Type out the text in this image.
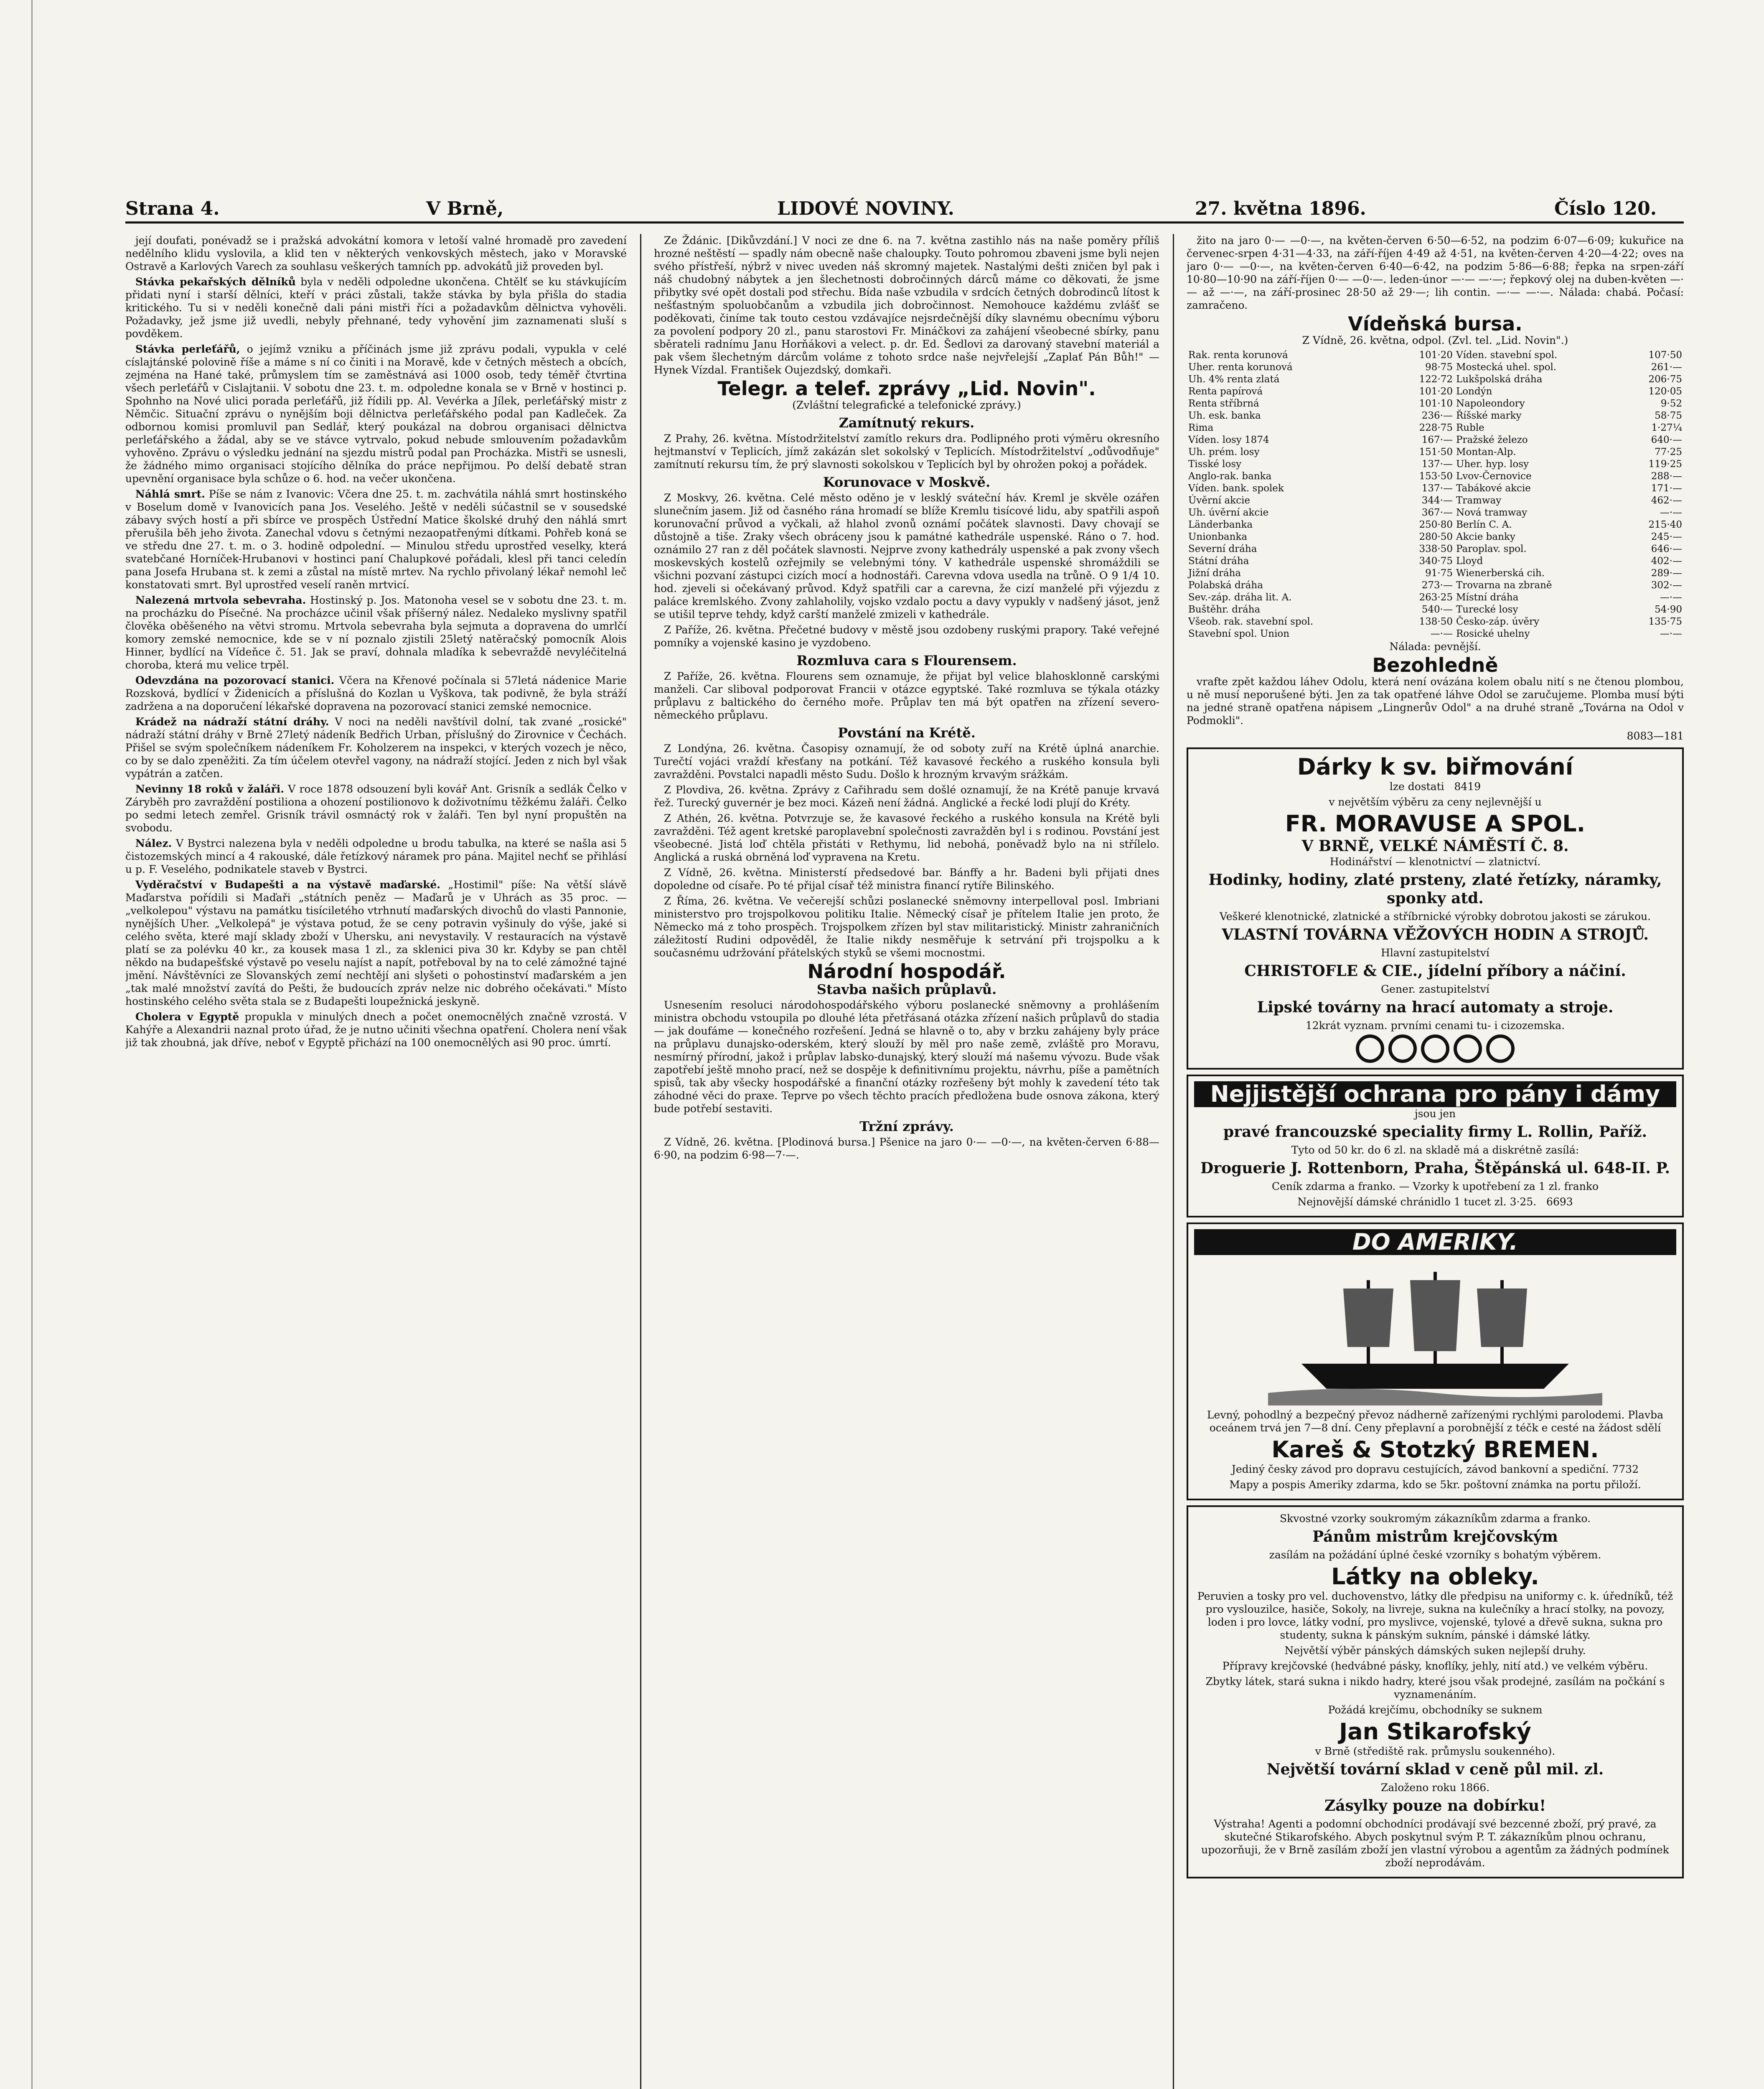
Strana 4.	V Brně,	LIDOVÉ NOVINY.	27. května 1896.	Číslo 120.

její doufati, ponévadž se i pražská advokátní komora v letoší valné hromadě pro zavedení nedělního klidu vyslovila, a klid ten v některých venkovských městech, jako v Moravské Ostravě a Karlových Varech za souhlasu veškerých tamních pp. advokátů již proveden byl.

Stávka pekařských dělníků byla v neděli odpoledne ukončena. Chtělť se ku stávkujícím přidati nyní i starší dělníci, kteří v práci zůstali, takže stávka by byla přišla do stadia kritického. Tu si v neděli konečně dali páni mistři říci a požadavkům dělnictva vyhověli. Požadavky, jež jsme již uvedli, nebyly přehnané, tedy vyhovění jim zaznamenati sluší s povděkem.

Stávka perleťářů, o jejímž vzniku a příčinách jsme již zprávu podali, vypukla v celé císlajtánské polovině říše a máme s ní co činiti i na Moravě, kde v četných městech a obcích, zejména na Hané také, průmyslem tím se zaměstnává asi 1000 osob, tedy téměř čtvrtina všech perleťářů v Cislajtanii. V sobotu dne 23. t. m. odpoledne konala se v Brně v hostinci p. Spohnho na Nové ulici porada perleťářů, již řídili pp. Al. Vevérka a Jílek, perleťářský mistr z Němčic. Situační zprávu o nynějším boji dělnictva perleťářského podal pan Kadleček. Za odbornou komisi promluvil pan Sedlář, který poukázal na dobrou organisaci dělnictva perleťářského a žádal, aby se ve stávce vytrvalo, pokud nebude smlouvením požadavkům vyhověno. Zprávu o výsledku jednání na sjezdu mistrů podal pan Procházka. Mistři se usnesli, že žádného mimo organisaci stojícího dělníka do práce nepřijmou. Po delší debatě stran upevnění organisace byla schůze o 6. hod. na večer ukončena.

Náhlá smrt. Píše se nám z Ivanovic: Včera dne 25. t. m. zachvátila náhlá smrt hostinského v Boselum domě v Ivanovicích pana Jos. Veselého. Ještě v neděli súčastnil se v sousedské zábavy svých hostí a při sbírce ve prospěch Ústřední Matice školské druhý den náhlá smrt přerušila běh jeho života. Zanechal vdovu s četnými nezaopatřenými dítkami. Pohřeb koná se ve středu dne 27. t. m. o 3. hodině odpolední. — Minulou středu uprostřed veselky, která svatebčané Horníček-Hrubanovi v hostinci paní Chalupkové pořádali, klesl při tanci celedín pana Josefa Hrubana st. k zemi a zůstal na místě mrtev. Na rychlo přivolaný lékař nemohl leč konstatovati smrt. Byl uprostřed veselí raněn mrtvicí.

Nalezená mrtvola sebevraha. Hostinský p. Jos. Matonoha vesel se v sobotu dne 23. t. m. na procházku do Písečné. Na procházce učinil však příšerný nález. Nedaleko myslivny spatřil člověka oběšeného na větvi stromu. Mrtvola sebevraha byla sejmuta a dopravena do umrlčí komory zemské nemocnice, kde se v ní poznalo zjistili 25letý natěračský pomocník Alois Hinner, bydlící na Vídeňce č. 51. Jak se praví, dohnala mladíka k sebevraždě nevyléčitelná choroba, která mu velice trpěl.

Odevzdána na pozorovací stanici. Včera na Křenové počínala si 57letá nádenice Marie Rozsková, bydlící v Židenicích a příslušná do Kozlan u Vyškova, tak podivně, že byla stráží zadržena a na doporučení lékařské dopravena na pozorovací stanici zemské nemocnice.

Krádež na nádraží státní dráhy. V noci na neděli navštívil dolní, tak zvané „rosické" nádraží státní dráhy v Brně 27letý nádeník Bedřich Urban, příslušný do Zirovnice v Čechách. Přišel se svým společníkem nádeníkem Fr. Koholzerem na inspekci, v kterých vozech je něco, co by se dalo zpeněžiti. Za tím účelem otevřel vagony, na nádraží stojící. Jeden z nich byl však vypátrán a zatčen.

Nevinny 18 roků v žaláři. V roce 1878 odsouzení byli kovář Ant. Grisník a sedlák Čelko v Záryběh pro zavraždění postiliona a ohození postilionovo k doživotnímu těžkému žaláři. Čelko po sedmi letech zemřel. Grisník trávil osmnáctý rok v žaláři. Ten byl nyní propuštěn na svobodu.

Nález. V Bystrci nalezena byla v neděli odpoledne u brodu tabulka, na které se našla asi 5 čistozemských mincí a 4 rakouské, dále řetízkový náramek pro pána. Majitel nechť se přihlásí u p. F. Veselého, podnikatele staveb v Bystrci.

Vyděračství v Budapešti a na výstavě maďarské. „Hostimil" píše: Na větší slávě Maďarstva pořídili si Maďaři „státních peněz — Maďarů je v Uhrách as 35 proc. — „velkolepou" výstavu na památku tisíciletého vtrhnutí maďarských divochů do vlasti Pannonie, nynějších Uher. „Velkolepá" je výstava potud, že se ceny potravin vyšinuly do výše, jaké si celého světa, které mají sklady zboží v Uhersku, ani nevystavily. V restauracích na výstavě platí se za polévku 40 kr., za kousek masa 1 zl., za sklenici piva 30 kr. Kdyby se pan chtěl někdo na budapešťské výstavě po veselu najíst a napít, potřeboval by na to celé zámožné tajné jmění. Návštěvníci ze Slovanských zemí nechtějí ani slyšeti o pohostinství maďarském a jen „tak malé množství zavítá do Pešti, že budoucích zpráv nelze nic dobrého očekávati." Místo hostinského celého světa stala se z Budapešti loupežnická jeskyně.

Cholera v Egyptě propukla v minulých dnech a počet onemocnělých značně vzrostá. V Kahýře a Alexandrii naznal proto úřad, že je nutno učiniti všechna opatření. Cholera není však již tak zhoubná, jak dříve, neboť v Egyptě přichází na 100 onemocnělých asi 90 proc. úmrtí.

Ze Ždánic. [Dikůvzdání.] V noci ze dne 6. na 7. května zastihlo nás na naše poměry příliš hrozné neštěstí — spadly nám obecně naše chaloupky. Touto pohromou zbaveni jsme byli nejen svého přístřeší, nýbrž v nivec uveden náš skromný majetek. Nastalými dešti zničen byl pak i náš chudobný nábytek a jen šlechetnosti dobročinných dárců máme co děkovati, že jsme přibytky své opět dostali pod střechu. Bída naše vzbudila v srdcích četných dobrodinců lítost k nešťastným spoluobčanům a vzbudila jich dobročinnost. Nemohouce každému zvlášť se poděkovati, činíme tak touto cestou vzdávajíce nejsrdečnější díky slavnému obecnímu výboru za povolení podpory 20 zl., panu starostovi Fr. Mináčkovi za zahájení všeobecné sbírky, panu sběrateli radnímu Janu Horňákovi a velect. p. dr. Ed. Šedlovi za darovaný stavební materiál a pak všem šlechetným dárcům voláme z tohoto srdce naše nejvřelejší „Zaplať Pán Bůh!" — Hynek Vízdal. František Oujezdský, domkaři.

Telegr. a telef. zprávy „Lid. Novin".

(Zvláštní telegrafické a telefonické zprávy.)

Zamítnutý rekurs.

Z Prahy, 26. května. Místodržitelství zamítlo rekurs dra. Podlipného proti výměru okresního hejtmanství v Teplicích, jímž zakázán slet sokolský v Teplicích. Místodržitelství „odůvodňuje" zamítnutí rekursu tím, že prý slavnosti sokolskou v Teplicích byl by ohrožen pokoj a pořádek.

Korunovace v Moskvě.

Z Moskvy, 26. května. Celé město oděno je v lesklý sváteční háv. Kreml je skvěle ozářen slunečním jasem. Již od časného rána hromadí se blíže Kremlu tisícové lidu, aby spatřili aspoň korunovační průvod a vyčkali, až hlahol zvonů oznámí počátek slavnosti. Davy chovají se důstojně a tiše. Zraky všech obráceny jsou k památné kathedrále uspenské. Ráno o 7. hod. oznámilo 27 ran z děl počátek slavnosti. Nejprve zvony kathedrály uspenské a pak zvony všech moskevských kostelů ozřejmily se velebnými tóny. V kathedrále uspenské shromáždili se všichni pozvaní zástupci cizích mocí a hodnostáři. Carevna vdova usedla na trůně. O 9 1/4 10. hod. zjeveli si očekávaný průvod. Když spatřili car a carevna, že cizí manželé při výjezdu z paláce kremlského. Zvony zahlaholily, vojsko vzdalo poctu a davy vypukly v nadšený jásot, jenž se utišil teprve tehdy, když carští manželé zmizeli v kathedrále.

Z Paříže, 26. května. Přečetné budovy v městě jsou ozdobeny ruskými prapory. Také veřejné pomníky a vojenské kasino je vyzdobeno.

Rozmluva cara s Flourensem.

Z Paříže, 26. května. Flourens sem oznamuje, že přijat byl velice blahosklonně carskými manželi. Car sliboval podporovat Francii v otázce egyptské. Také rozmluva se týkala otázky průplavu z baltického do černého moře. Průplav ten má být opatřen na zřízení severo-německého průplavu.

Povstání na Krétě.

Z Londýna, 26. května. Časopisy oznamují, že od soboty zuří na Krétě úplná anarchie. Turečtí vojáci vraždí křesťany na potkání. Též kavasové řeckého a ruského konsula byli zavražděni. Povstalci napadli město Sudu. Došlo k hrozným krvavým srážkám.

Z Plovdiva, 26. května. Zprávy z Cařihradu sem došlé oznamují, že na Krétě panuje krvavá řež. Turecký guvernér je bez moci. Kázeň není žádná. Anglické a řecké lodi plují do Kréty.

Z Athén, 26. května. Potvrzuje se, že kavasové řeckého a ruského konsula na Krétě byli zavražděni. Též agent kretské paroplavební společnosti zavražděn byl i s rodinou. Povstání jest všeobecné. Jistá loď chtěla přistáti v Rethymu, lid nebohá, poněvadž bylo na ni střílelo. Anglická a ruská obrněná loď vypravena na Kretu.

Z Vídně, 26. května. Ministerstí předsedové bar. Bánffy a hr. Badeni byli přijati dnes dopoledne od císaře. Po té přijal císař též ministra financí rytíře Bilinského.

Z Říma, 26. května. Ve večerejší schůzi poslanecké sněmovny interpelloval posl. Imbriani ministerstvo pro trojspolkovou politiku Italie. Německý císař je přítelem Italie jen proto, že Německo má z toho prospěch. Trojspolkem zřízen byl stav militaristický. Ministr zahraničních záležitostí Rudini odpověděl, že Italie nikdy nesměřuje k setrvání při trojspolku a k současnému udržování přátelských styků se všemi mocnostmi.

Národní hospodář.
Stavba našich průplavů.

Usnesením resoluci národohospodářského výboru poslanecké sněmovny a prohlášením ministra obchodu vstoupila po dlouhé léta přetřásaná otázka zřízení našich průplavů do stadia — jak doufáme — konečného rozřešení. Jedná se hlavně o to, aby v brzku zahájeny byly práce na průplavu dunajsko-oderském, který slouží by měl pro naše země, zvláště pro Moravu, nesmírný přírodní, jakož i průplav labsko-dunajský, který slouží má našemu vývozu. Bude však zapotřebí ještě mnoho prací, než se dospěje k definitivnímu projektu, návrhu, píše a pamětních spisů, tak aby všecky hospodářské a finanční otázky rozřešeny být mohly k zavedení této tak záhodné věci do praxe. Teprve po všech těchto pracích předložena bude osnova zákona, který bude potřebí sestaviti.

Tržní zprávy.

Z Vídně, 26. května. [Plodinová bursa.] Pšenice na jaro 0·— —0·—, na květen-červen 6·88—6·90, na podzim 6·98—7·—.

žito na jaro 0·— —0·—, na květen-červen 6·50—6·52, na podzim 6·07—6·09; kukuřice na červenec-srpen 4·31—4·33, na září-říjen 4·49 až 4·51, na květen-červen 4·20—4·22; oves na jaro 0·— —0·—, na květen-červen 6·40—6·42, na podzim 5·86—6·88; řepka na srpen-září 10·80—10·90 na září-říjen 0·— —0·—. leden-únor —·— —·—; řepkový olej na duben-květen —·— až —·—, na září-prosinec 28·50 až 29·—; lih contin. —·— —·—. Nálada: chabá. Počasí: zamračeno.

Vídeňská bursa.

Z Vídně, 26. května, odpol. (Zvl. tel. „Lid. Novin".)

Rak. renta korunová	101·20	Víden. stavební spol.	107·50
Uher. renta korunová	98·75	Mostecká uhel. spol.	261·—
Uh. 4% renta zlatá	122·72	Lukšpolská dráha	206·75
Renta papírová	101·20	Londýn	120·05
Renta stříbrná	101·10	Napoleondory	9·52
Uh. esk. banka	236·—	Říšské marky	58·75
Rima	228·75	Ruble	1·27¼
Víden. losy 1874	167·—	Pražské železo	640·—
Uh. prém. losy	151·50	Montan-Alp.	77·25
Tisské losy	137·—	Uher. hyp. losy	119·25
Anglo-rak. banka	153·50	Lvov-Černovice	288·—
Víden. bank. spolek	137·—	Tabákové akcie	171·—
Úvěrní akcie	344·—	Tramway	462·—
Uh. úvěrní akcie	367·—	Nová tramway	—·—
Länderbanka	250·80	Berlín C. A.	215·40
Unionbanka	280·50	Akcie banky	245·—
Severní dráha	338·50	Paroplav. spol.	646·—
Státní dráha	340·75	Lloyd	402·—
Jižní dráha	91·75	Wienerberská cih.	289·—
Polabská dráha	273·—	Trovarna na zbraně	302·—
Sev.-záp. dráha lit. A.	263·25	Místní dráha	—·—
Buštěhr. dráha	540·—	Turecké losy	54·90
Všeob. rak. stavební spol.	138·50	Česko-záp. úvěry	135·75
Stavební spol. Union	—·—	Rosické uhelny	—·—

Nálada: pevnější.

Bezohledně

vrafte zpět každou láhev Odolu, která není ovázána kolem obalu nití s ne čtenou plombou, u ně musí neporušené býti. Jen za tak opatřené láhve Odol se zaručujeme. Plomba musí býti na jedné straně opatřena nápisem „Lingnerův Odol" a na druhé straně „Továrna na Odol v Podmokli".

8083—181

Dárky k sv. biřmování

lze dostati 8419

v největším výběru za ceny nejlevnější u

FR. MORAVUSE A SPOL.
V BRNĚ, VELKÉ NÁMĚSTÍ Č. 8.

Hodinářství — klenotnictví — zlatnictví.

Hodinky, hodiny, zlaté prsteny, zlaté řetízky, náramky, sponky atd.

Veškeré klenotnické, zlatnické a stříbrnické výrobky dobrotou jakosti se zárukou.

VLASTNÍ TOVÁRNA VĚŽOVÝCH HODIN A STROJŮ.

Hlavní zastupitelství

CHRISTOFLE & CIE., jídelní příbory a náčiní.

Gener. zastupitelství

Lipské továrny na hrací automaty a stroje.

12krát vyznam. prvními cenami tu- i cizozemska.

Nejjistější ochrana pro pány i dámy

jsou jen

pravé francouzské speciality firmy L. Rollin, Paříž.

Tyto od 50 kr. do 6 zl. na skladě má a diskrétně zasílá:

Droguerie J. Rottenborn, Praha, Štěpánská ul. 648-II. P.

Ceník zdarma a franko. — Vzorky k upotřebení za 1 zl. franko

Nejnovější dámské chránidlo 1 tucet zl. 3·25. 6693

DO AMERIKY.

Levný, pohodlný a bezpečný převoz nádherně zařízenými rychlými parolodemi. Plavba oceánem trvá jen 7—8 dní. Ceny přeplavní a porobnější z téčk e cesté na žádost sdělí

Kareš & Stotzký BREMEN.

Jediný česky závod pro dopravu cestujících, závod bankovní a spediční. 7732

Mapy a pospis Ameriky zdarma, kdo se 5kr. poštovní známka na portu přiloží.

Skvostné vzorky soukromým zákazníkům zdarma a franko.

Pánům mistrům krejčovským

zasílám na požádání úplné české vzorníky s bohatým výběrem.

Látky na obleky.

Peruvien a tosky pro vel. duchovenstvo, látky dle předpisu na uniformy c. k. úředníků, též pro vyslouzilce, hasiče, Sokoly, na livreje, sukna na kulečníky a hrací stolky, na povozy, loden i pro lovce, látky vodní, pro myslivce, vojenské, tylové a dřevě sukna, sukna pro studenty, sukna k pánským sukním, pánské i dámské látky.

Největší výběr pánských dámských suken nejlepší druhy.

Přípravy krejčovské (hedvábné pásky, knoflíky, jehly, nití atd.) ve velkém výběru.

Zbytky látek, stará sukna i nikdo hadry, které jsou však prodejné, zasílám na počkání s vyznamenáním.

Požádá krejčímu, obchodníky se suknem

Jan Stikarofský

v Brně (střediště rak. průmyslu soukenného).

Největší tovární sklad v ceně půl mil. zl.

Založeno roku 1866.

Zásylky pouze na dobírku!

Výstraha! Agenti a podomní obchodníci prodávají své bezcenné zboží, prý pravé, za skutečné Stikarofského. Abych poskytnul svým P. T. zákazníkům plnou ochranu, upozorňuji, že v Brně zasílám zboží jen vlastní výrobou a agentům za žádných podmínek zboží neprodávám.
